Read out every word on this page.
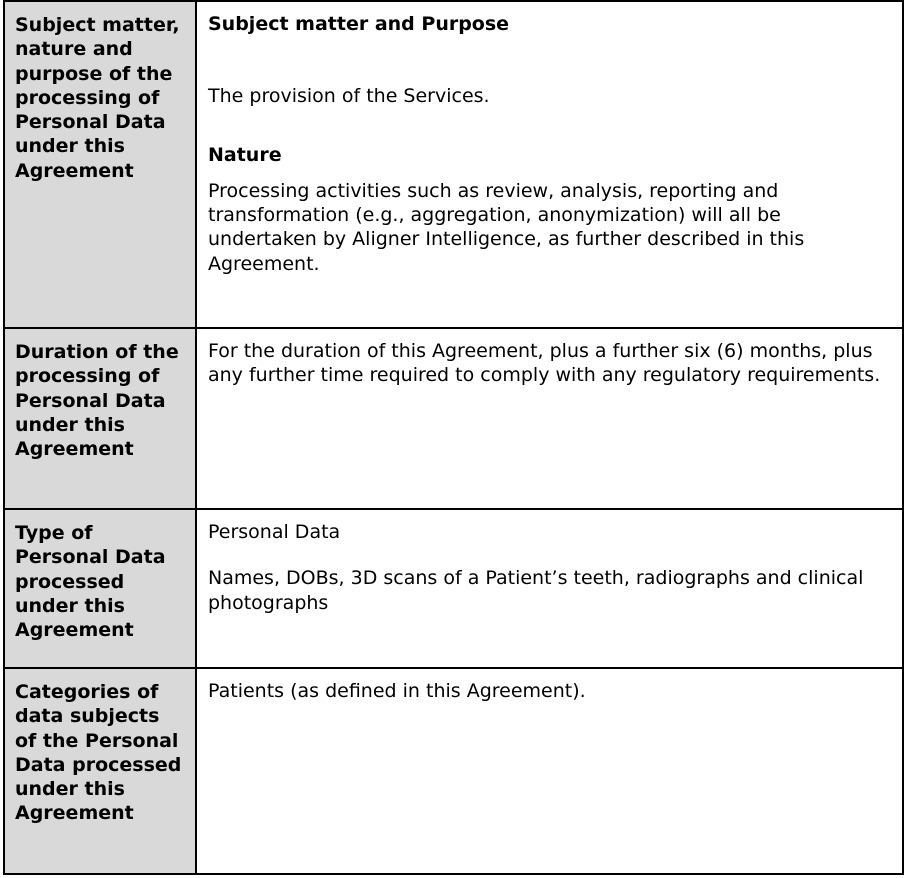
Subject matter, nature and purpose of the processing of Personal Data under this Agreement	Subject matter and Purpose

The provision of the Services.

Nature

Processing activities such as review, analysis, reporting and transformation (e.g., aggregation, anonymization) will all be undertaken by Aligner Intelligence, as further described in this Agreement.

Duration of the processing of Personal Data under this Agreement	For the duration of this Agreement, plus a further six (6) months, plus any further time required to comply with any regulatory requirements.

Type of Personal Data processed under this Agreement	Personal Data

Names, DOBs, 3D scans of a Patient’s teeth, radiographs and clinical photographs

Categories of data subjects of the Personal Data processed under this Agreement	Patients (as defined in this Agreement).
